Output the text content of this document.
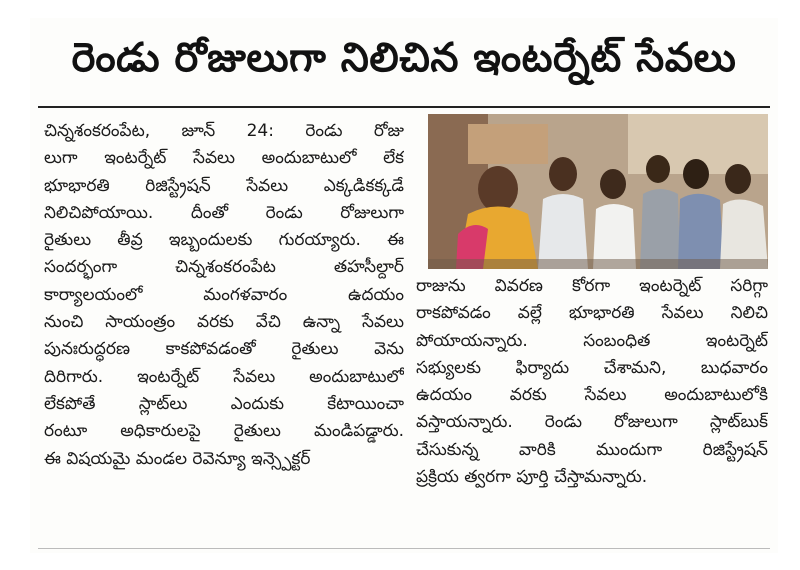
రెండు రోజులుగా నిలిచిన ఇంటర్నేట్ సేవలు
చిన్నశంకరంపేట, జూన్ 24: రెండు రోజు
లుగా ఇంటర్నేట్ సేవలు అందుబాటులో లేక
భూభారతి రిజిస్ట్రేషన్ సేవలు ఎక్కడికక్కడే
నిలిచిపోయాయి. దీంతో రెండు రోజులుగా
రైతులు తీవ్ర ఇబ్బందులకు గురయ్యారు. ఈ
సందర్భంగా చిన్నశంకరంపేట తహసీల్దార్
కార్యాలయంలో మంగళవారం ఉదయం
నుంచి సాయంత్రం వరకు వేచి ఉన్నా సేవలు
పునఃరుద్ధరణ కాకపోవడంతో రైతులు వెను
దిరిగారు. ఇంటర్నేట్ సేవలు అందుబాటులో
లేకపోతే స్లాట్‌లు ఎందుకు కేటాయించా
రంటూ అధికారులపై రైతులు మండిపడ్డారు.
ఈ విషయమై మండల రెవెన్యూ ఇన్స్పెక్టర్
రాజును వివరణ కోరగా ఇంటర్నెట్ సరిగ్గా
రాకపోవడం వల్లే భూభారతి సేవలు నిలిచి
పోయాయన్నారు. సంబంధిత ఇంటర్నెట్
సభ్యులకు ఫిర్యాదు చేశామని, బుధవారం
ఉదయం వరకు సేవలు అందుబాటులోకి
వస్తాయన్నారు. రెండు రోజులుగా స్లాట్‌బుక్
చేసుకున్న వారికి ముందుగా రిజిస్ట్రేషన్
ప్రక్రియ త్వరగా పూర్తి చేస్తామన్నారు.
